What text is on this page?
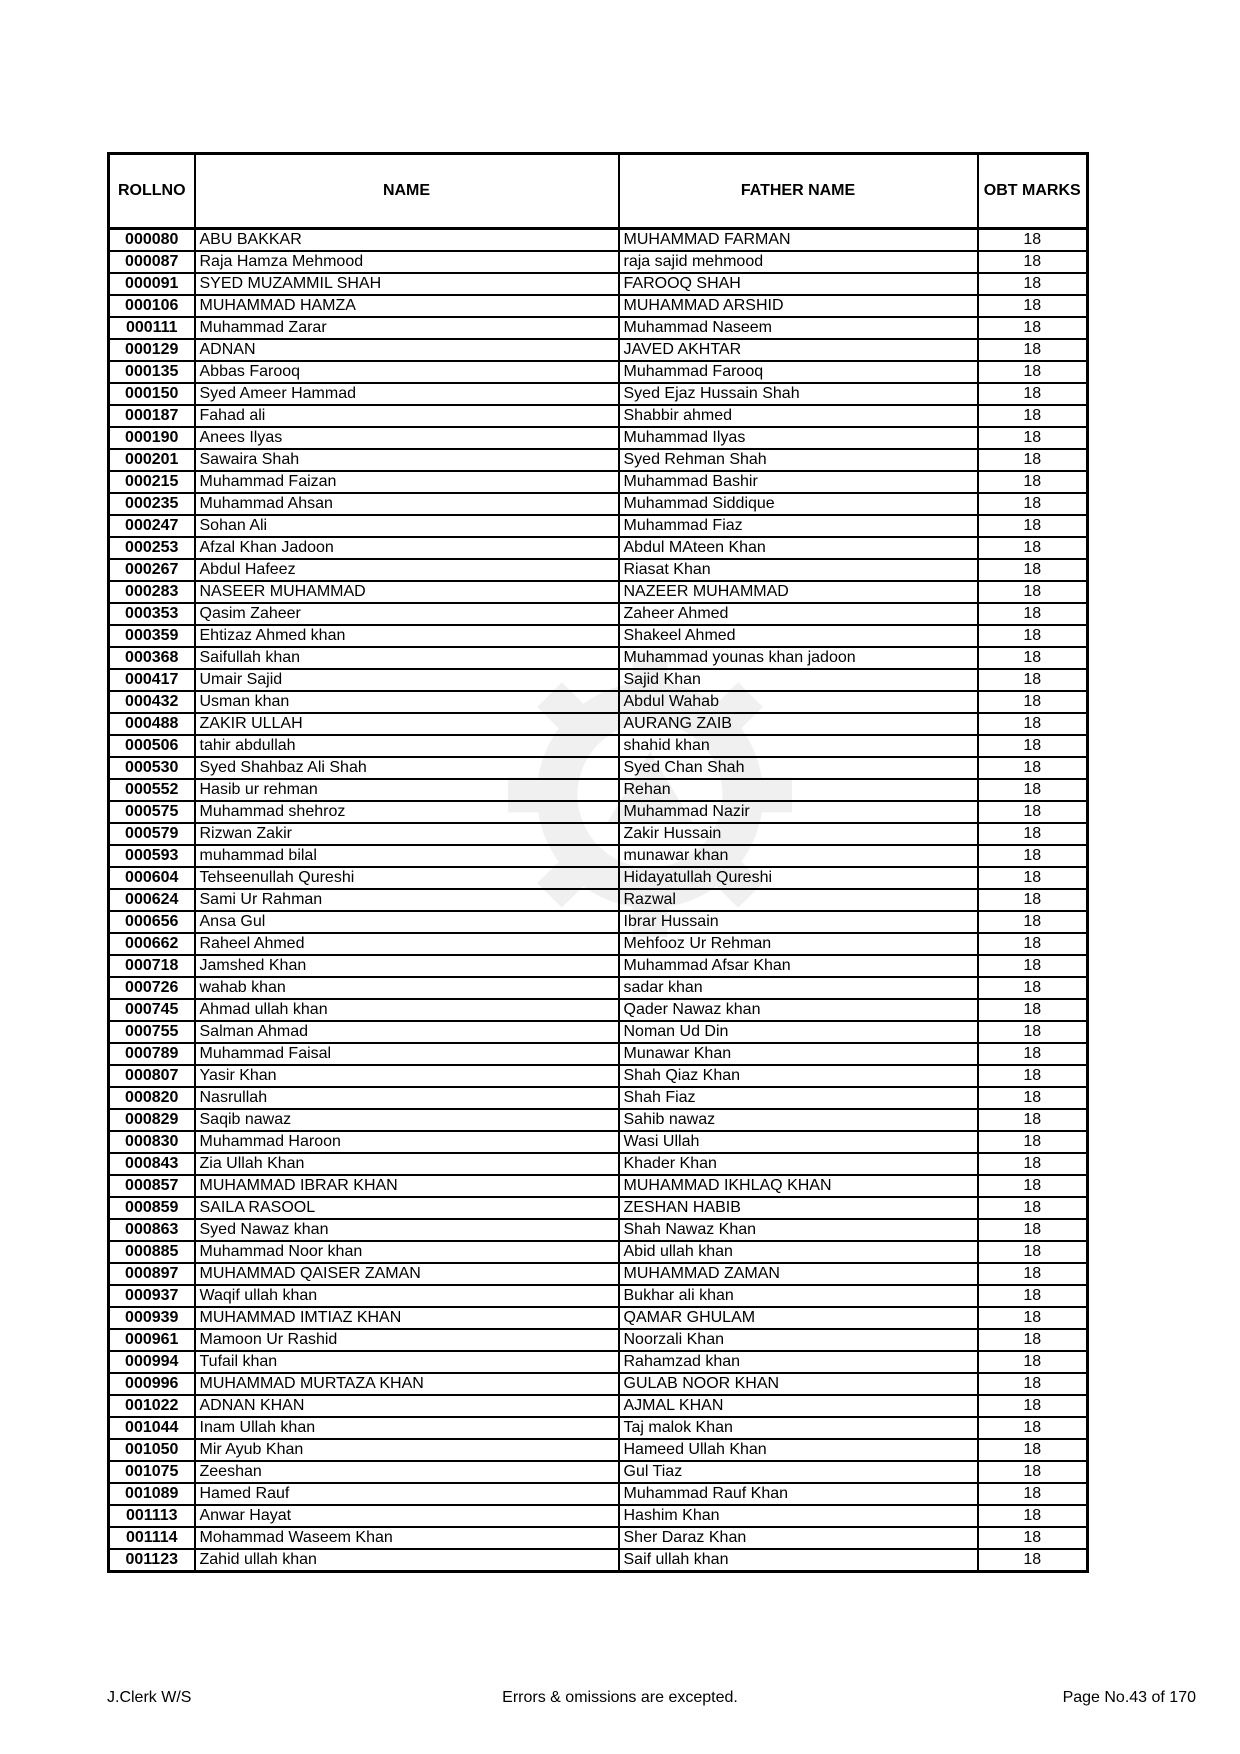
ROLLNO	NAME	FATHER NAME	OBT MARKS
000080	ABU BAKKAR	MUHAMMAD FARMAN	18
000087	Raja Hamza Mehmood	raja sajid mehmood	18
000091	SYED MUZAMMIL SHAH	FAROOQ SHAH	18
000106	MUHAMMAD HAMZA	MUHAMMAD ARSHID	18
000111	Muhammad Zarar	Muhammad Naseem	18
000129	ADNAN	JAVED AKHTAR	18
000135	Abbas Farooq	Muhammad Farooq	18
000150	Syed Ameer Hammad	Syed Ejaz Hussain Shah	18
000187	Fahad ali	Shabbir ahmed	18
000190	Anees Ilyas	Muhammad Ilyas	18
000201	Sawaira Shah	Syed Rehman Shah	18
000215	Muhammad Faizan	Muhammad Bashir	18
000235	Muhammad Ahsan	Muhammad Siddique	18
000247	Sohan Ali	Muhammad Fiaz	18
000253	Afzal Khan Jadoon	Abdul MAteen Khan	18
000267	Abdul Hafeez	Riasat Khan	18
000283	NASEER MUHAMMAD	NAZEER MUHAMMAD	18
000353	Qasim Zaheer	Zaheer Ahmed	18
000359	Ehtizaz Ahmed khan	Shakeel Ahmed	18
000368	Saifullah khan	Muhammad younas khan jadoon	18
000417	Umair Sajid	Sajid Khan	18
000432	Usman khan	Abdul Wahab	18
000488	ZAKIR ULLAH	AURANG ZAIB	18
000506	tahir abdullah	shahid khan	18
000530	Syed Shahbaz Ali Shah	Syed Chan Shah	18
000552	Hasib ur rehman	Rehan	18
000575	Muhammad shehroz	Muhammad Nazir	18
000579	Rizwan Zakir	Zakir Hussain	18
000593	muhammad bilal	munawar khan	18
000604	Tehseenullah Qureshi	Hidayatullah Qureshi	18
000624	Sami Ur Rahman	Razwal	18
000656	Ansa Gul	Ibrar Hussain	18
000662	Raheel Ahmed	Mehfooz Ur Rehman	18
000718	Jamshed Khan	Muhammad Afsar Khan	18
000726	wahab khan	sadar khan	18
000745	Ahmad ullah khan	Qader Nawaz khan	18
000755	Salman Ahmad	Noman Ud Din	18
000789	Muhammad Faisal	Munawar Khan	18
000807	Yasir Khan	Shah Qiaz Khan	18
000820	Nasrullah	Shah Fiaz	18
000829	Saqib nawaz	Sahib nawaz	18
000830	Muhammad Haroon	Wasi Ullah	18
000843	Zia Ullah Khan	Khader Khan	18
000857	MUHAMMAD IBRAR KHAN	MUHAMMAD IKHLAQ KHAN	18
000859	SAILA RASOOL	ZESHAN HABIB	18
000863	Syed Nawaz khan	Shah Nawaz Khan	18
000885	Muhammad Noor khan	Abid ullah khan	18
000897	MUHAMMAD QAISER ZAMAN	MUHAMMAD ZAMAN	18
000937	Waqif ullah khan	Bukhar ali khan	18
000939	MUHAMMAD IMTIAZ KHAN	QAMAR GHULAM	18
000961	Mamoon Ur Rashid	Noorzali Khan	18
000994	Tufail khan	Rahamzad khan	18
000996	MUHAMMAD MURTAZA KHAN	GULAB NOOR KHAN	18
001022	ADNAN KHAN	AJMAL KHAN	18
001044	Inam Ullah khan	Taj malok Khan	18
001050	Mir Ayub Khan	Hameed Ullah Khan	18
001075	Zeeshan	Gul Tiaz	18
001089	Hamed Rauf	Muhammad Rauf Khan	18
001113	Anwar Hayat	Hashim Khan	18
001114	Mohammad Waseem Khan	Sher Daraz Khan	18
001123	Zahid ullah khan	Saif ullah khan	18
J.Clerk W/S	Errors & omissions are excepted.	Page No.43 of 170
